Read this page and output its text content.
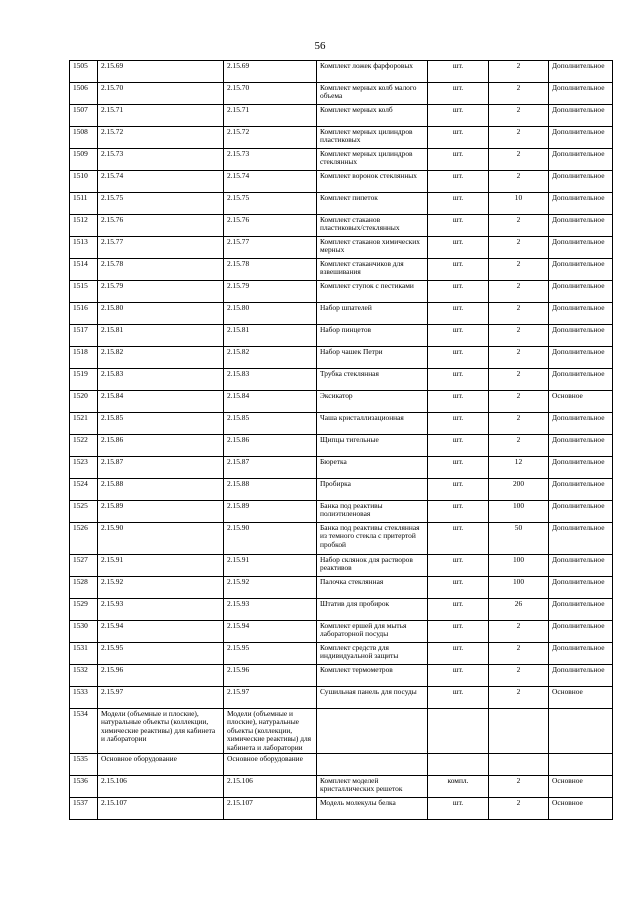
56
1505	2.15.69	2.15.69	Комплект ложек фарфоровых	шт.	2	Дополнительное
1506	2.15.70	2.15.70	Комплект мерных колб малого объема	шт.	2	Дополнительное
1507	2.15.71	2.15.71	Комплект мерных колб	шт.	2	Дополнительное
1508	2.15.72	2.15.72	Комплект мерных цилиндров пластиковых	шт.	2	Дополнительное
1509	2.15.73	2.15.73	Комплект мерных цилиндров стеклянных	шт.	2	Дополнительное
1510	2.15.74	2.15.74	Комплект воронок стеклянных	шт.	2	Дополнительное
1511	2.15.75	2.15.75	Комплект пипеток	шт.	10	Дополнительное
1512	2.15.76	2.15.76	Комплект стаканов пластиковых/стеклянных	шт.	2	Дополнительное
1513	2.15.77	2.15.77	Комплект стаканов химических мерных	шт.	2	Дополнительное
1514	2.15.78	2.15.78	Комплект стаканчиков для взвешивания	шт.	2	Дополнительное
1515	2.15.79	2.15.79	Комплект ступок с пестиками	шт.	2	Дополнительное
1516	2.15.80	2.15.80	Набор шпателей	шт.	2	Дополнительное
1517	2.15.81	2.15.81	Набор пинцетов	шт.	2	Дополнительное
1518	2.15.82	2.15.82	Набор чашек Петри	шт.	2	Дополнительное
1519	2.15.83	2.15.83	Трубка стеклянная	шт.	2	Дополнительное
1520	2.15.84	2.15.84	Эксикатор	шт.	2	Основное
1521	2.15.85	2.15.85	Чаша кристаллизационная	шт.	2	Дополнительное
1522	2.15.86	2.15.86	Щипцы тигельные	шт.	2	Дополнительное
1523	2.15.87	2.15.87	Бюретка	шт.	12	Дополнительное
1524	2.15.88	2.15.88	Пробирка	шт.	200	Дополнительное
1525	2.15.89	2.15.89	Банка под реактивы полиэтиленовая	шт.	100	Дополнительное
1526	2.15.90	2.15.90	Банка под реактивы стеклянная из темного стекла с притертой пробкой	шт.	50	Дополнительное
1527	2.15.91	2.15.91	Набор склянок для растворов реактивов	шт.	100	Дополнительное
1528	2.15.92	2.15.92	Палочка стеклянная	шт.	100	Дополнительное
1529	2.15.93	2.15.93	Штатив для пробирок	шт.	26	Дополнительное
1530	2.15.94	2.15.94	Комплект ершей для мытья лабораторной посуды	шт.	2	Дополнительное
1531	2.15.95	2.15.95	Комплект средств для индивидуальной защиты	шт.	2	Дополнительное
1532	2.15.96	2.15.96	Комплект термометров	шт.	2	Дополнительное
1533	2.15.97	2.15.97	Сушильная панель для посуды	шт.	2	Основное
1534	Модели (объемные и плоские), натуральные объекты (коллекции, химические реактивы) для кабинета и лаборатории	Модели (объемные и плоские), натуральные объекты (коллекции, химические реактивы) для кабинета и лаборатории				
1535	Основное оборудование	Основное оборудование				
1536	2.15.106	2.15.106	Комплект моделей кристаллических решеток	компл.	2	Основное
1537	2.15.107	2.15.107	Модель молекулы белка	шт.	2	Основное
